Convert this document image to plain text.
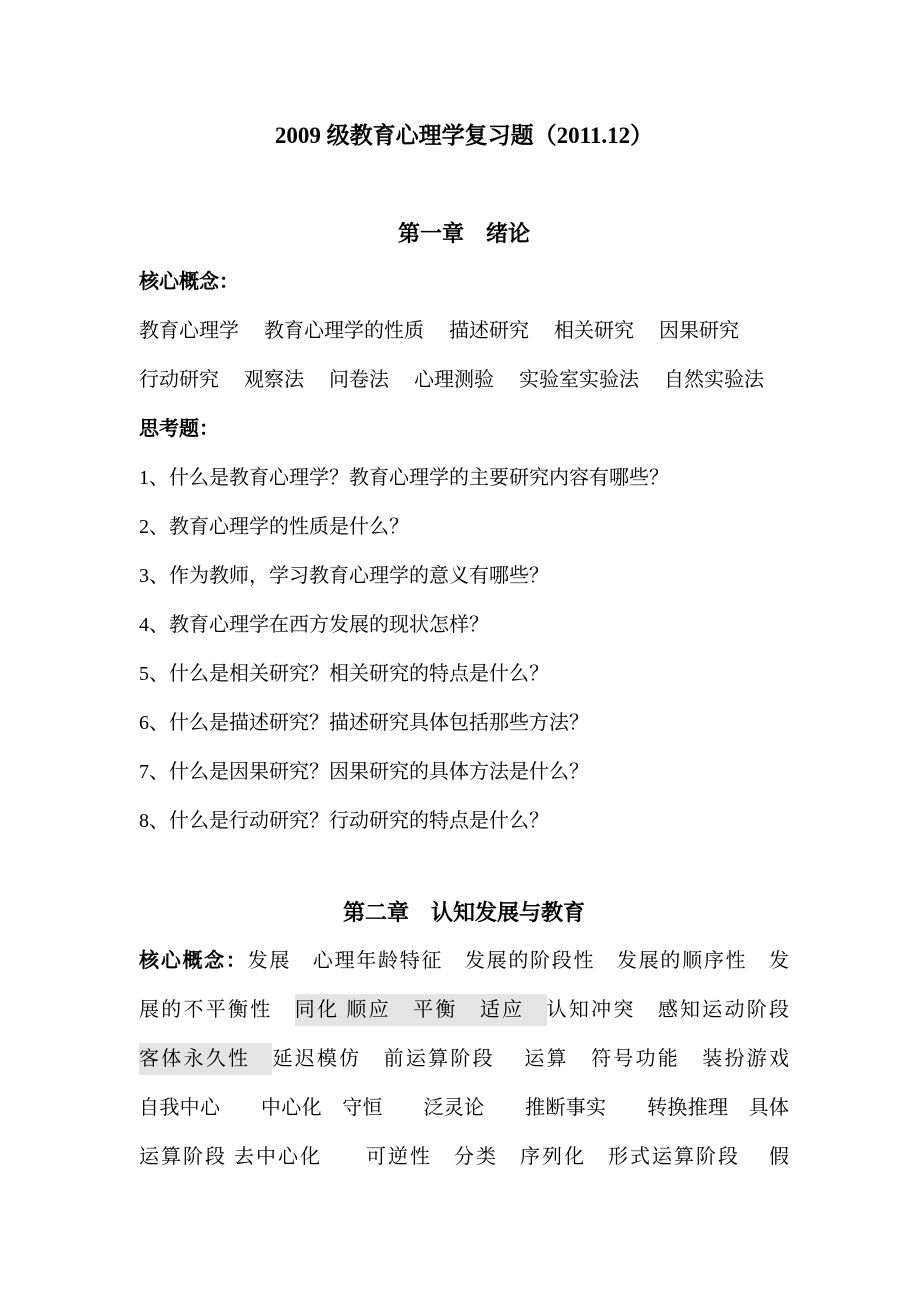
2009 级教育心理学复习题（2011.12）
第一章　绪论
核心概念：
教育心理学　 教育心理学的性质　 描述研究　 相关研究　 因果研究
行动研究　 观察法　 问卷法　 心理测验　 实验室实验法　 自然实验法
思考题：
1、什么是教育心理学？教育心理学的主要研究内容有哪些？
2、教育心理学的性质是什么？
3、作为教师，学习教育心理学的意义有哪些？
4、教育心理学在西方发展的现状怎样？
5、什么是相关研究？相关研究的特点是什么？
6、什么是描述研究？描述研究具体包括那些方法？
7、什么是因果研究？因果研究的具体方法是什么？
8、什么是行动研究？行动研究的特点是什么？
第二章　认知发展与教育
核心概念：发展　心理年龄特征　发展的阶段性　发展的顺序性　发
展的不平衡性　同化 顺应　平衡　适应　认知冲突　感知运动阶段
客体永久性　延迟模仿　前运算阶段　 运算　符号功能　装扮游戏
自我中心　　中心化　守恒　　泛灵论　　推断事实　　转换推理　具体
运算阶段 去中心化　　可逆性　分类　序列化　形式运算阶段　 假
